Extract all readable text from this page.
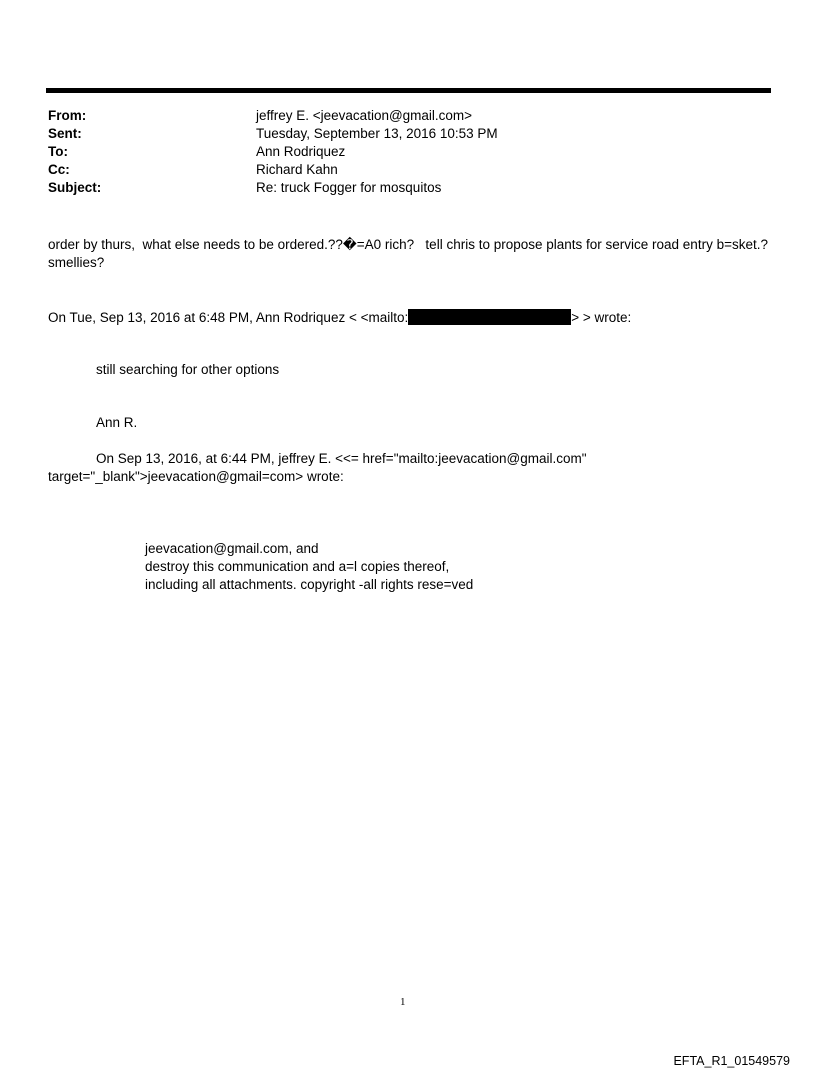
From:	jeffrey E. <jeevacation@gmail.com>
Sent:	Tuesday, September 13, 2016 10:53 PM
To:	Ann Rodriquez
Cc:	Richard Kahn
Subject:	Re: truck Fogger for mosquitos
order by thurs,  what else needs to be ordered.??�=A0 rich?   tell chris to propose plants for service road entry b=sket.?
smellies?
On Tue, Sep 13, 2016 at 6:48 PM, Ann Rodriquez < <mailto:	> > wrote:
still searching for other options
Ann R.
On Sep 13, 2016, at 6:44 PM, jeffrey E. <<= href="mailto:jeevacation@gmail.com"
target="_blank">jeevacation@gmail=com> wrote:
jeevacation@gmail.com, and
destroy this communication and a=l copies thereof,
including all attachments. copyright -all rights rese=ved
1
EFTA_R1_01549579
